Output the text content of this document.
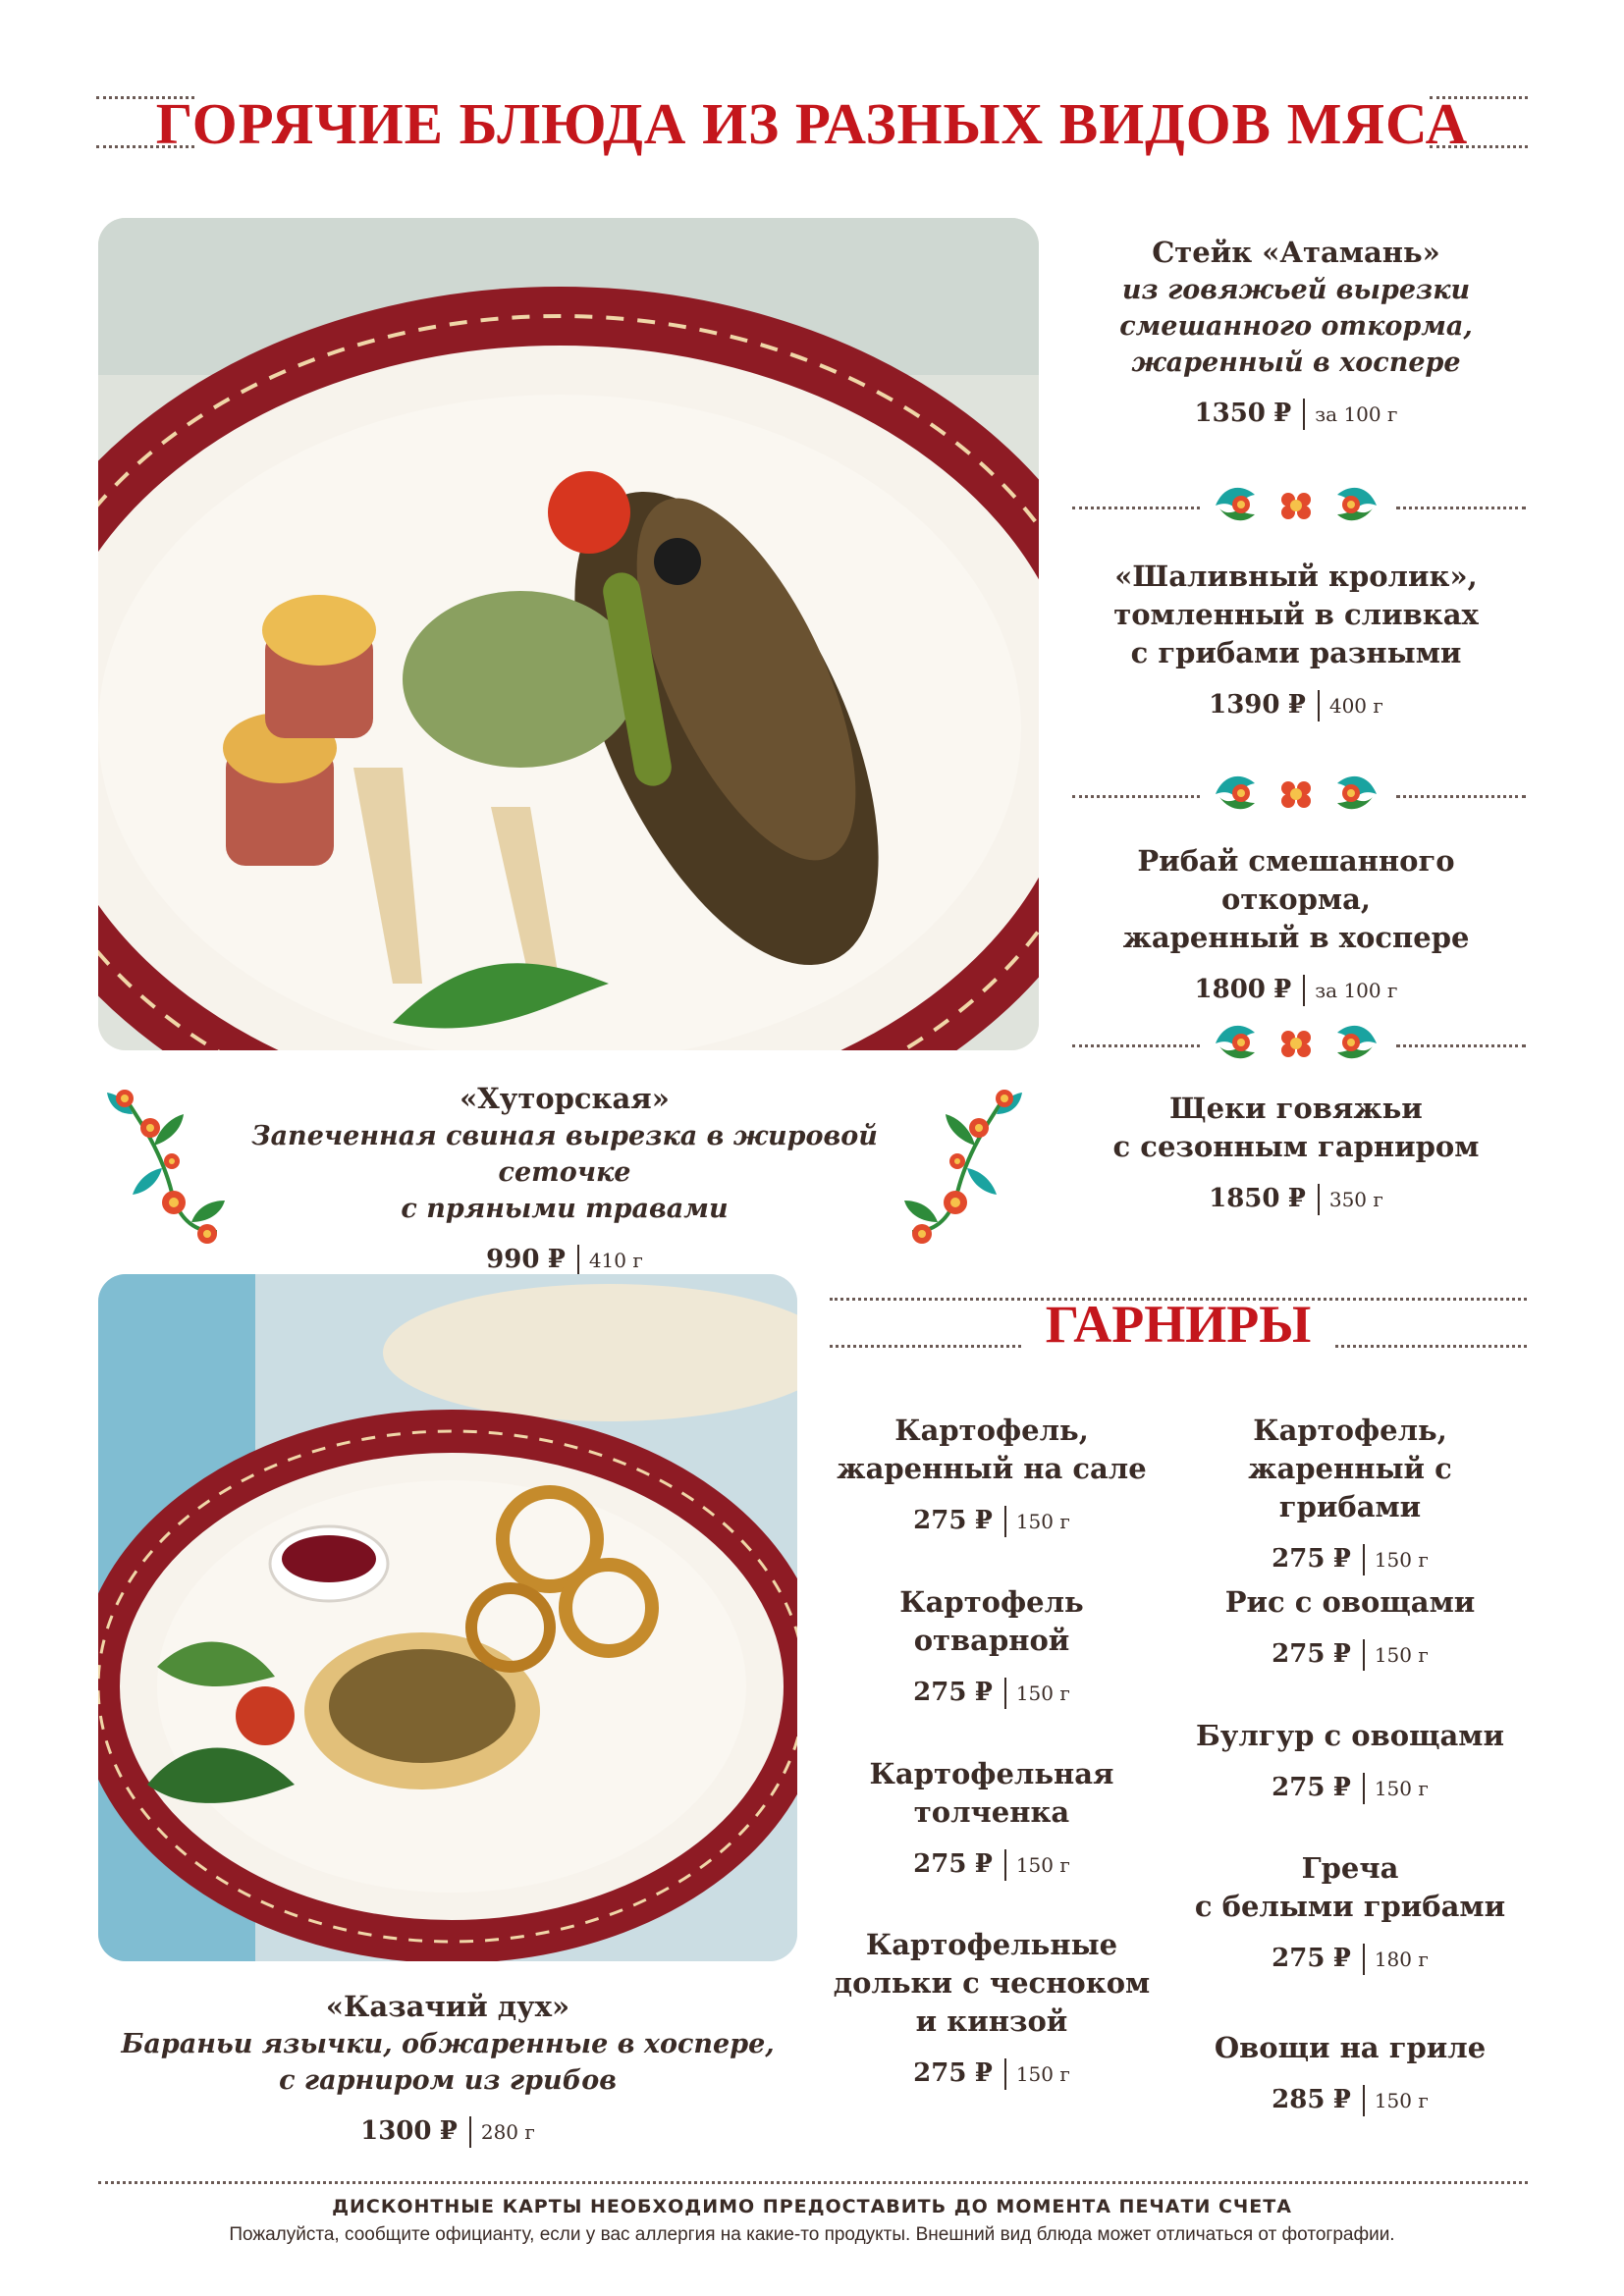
ГОРЯЧИЕ БЛЮДА ИЗ РАЗНЫХ ВИДОВ МЯСА
Стейк «Атамань»
из говяжьей вырезки
смешанного откорма,
жаренный в хоспере
1350 ₽ за 100 г
«Шаливный кролик»,
томленный в сливках
с грибами разными
1390 ₽ 400 г
Рибай смешанного откорма,
жаренный в хоспере
1800 ₽ за 100 г
Щеки говяжьи
с сезонным гарниром
1850 ₽ 350 г
«Хуторская»
Запеченная свиная вырезка в жировой сеточке
с пряными травами
990 ₽ 410 г
«Казачий дух»
Бараньи язычки, обжаренные в хоспере,
с гарниром из грибов
1300 ₽ 280 г
ГАРНИРЫ
Картофель,
жаренный на сале
275 ₽ 150 г
Картофель
отварной
275 ₽ 150 г
Картофельная
толченка
275 ₽ 150 г
Картофельные
дольки с чесноком
и кинзой
275 ₽ 150 г
Картофель,
жаренный с грибами
275 ₽ 150 г
Рис с овощами
275 ₽ 150 г
Булгур с овощами
275 ₽ 150 г
Греча
с белыми грибами
275 ₽ 180 г
Овощи на гриле
285 ₽ 150 г
ДИСКОНТНЫЕ КАРТЫ НЕОБХОДИМО ПРЕДОСТАВИТЬ ДО МОМЕНТА ПЕЧАТИ СЧЕТА
Пожалуйста, сообщите официанту, если у вас аллергия на какие-то продукты. Внешний вид блюда может отличаться от фотографии.
